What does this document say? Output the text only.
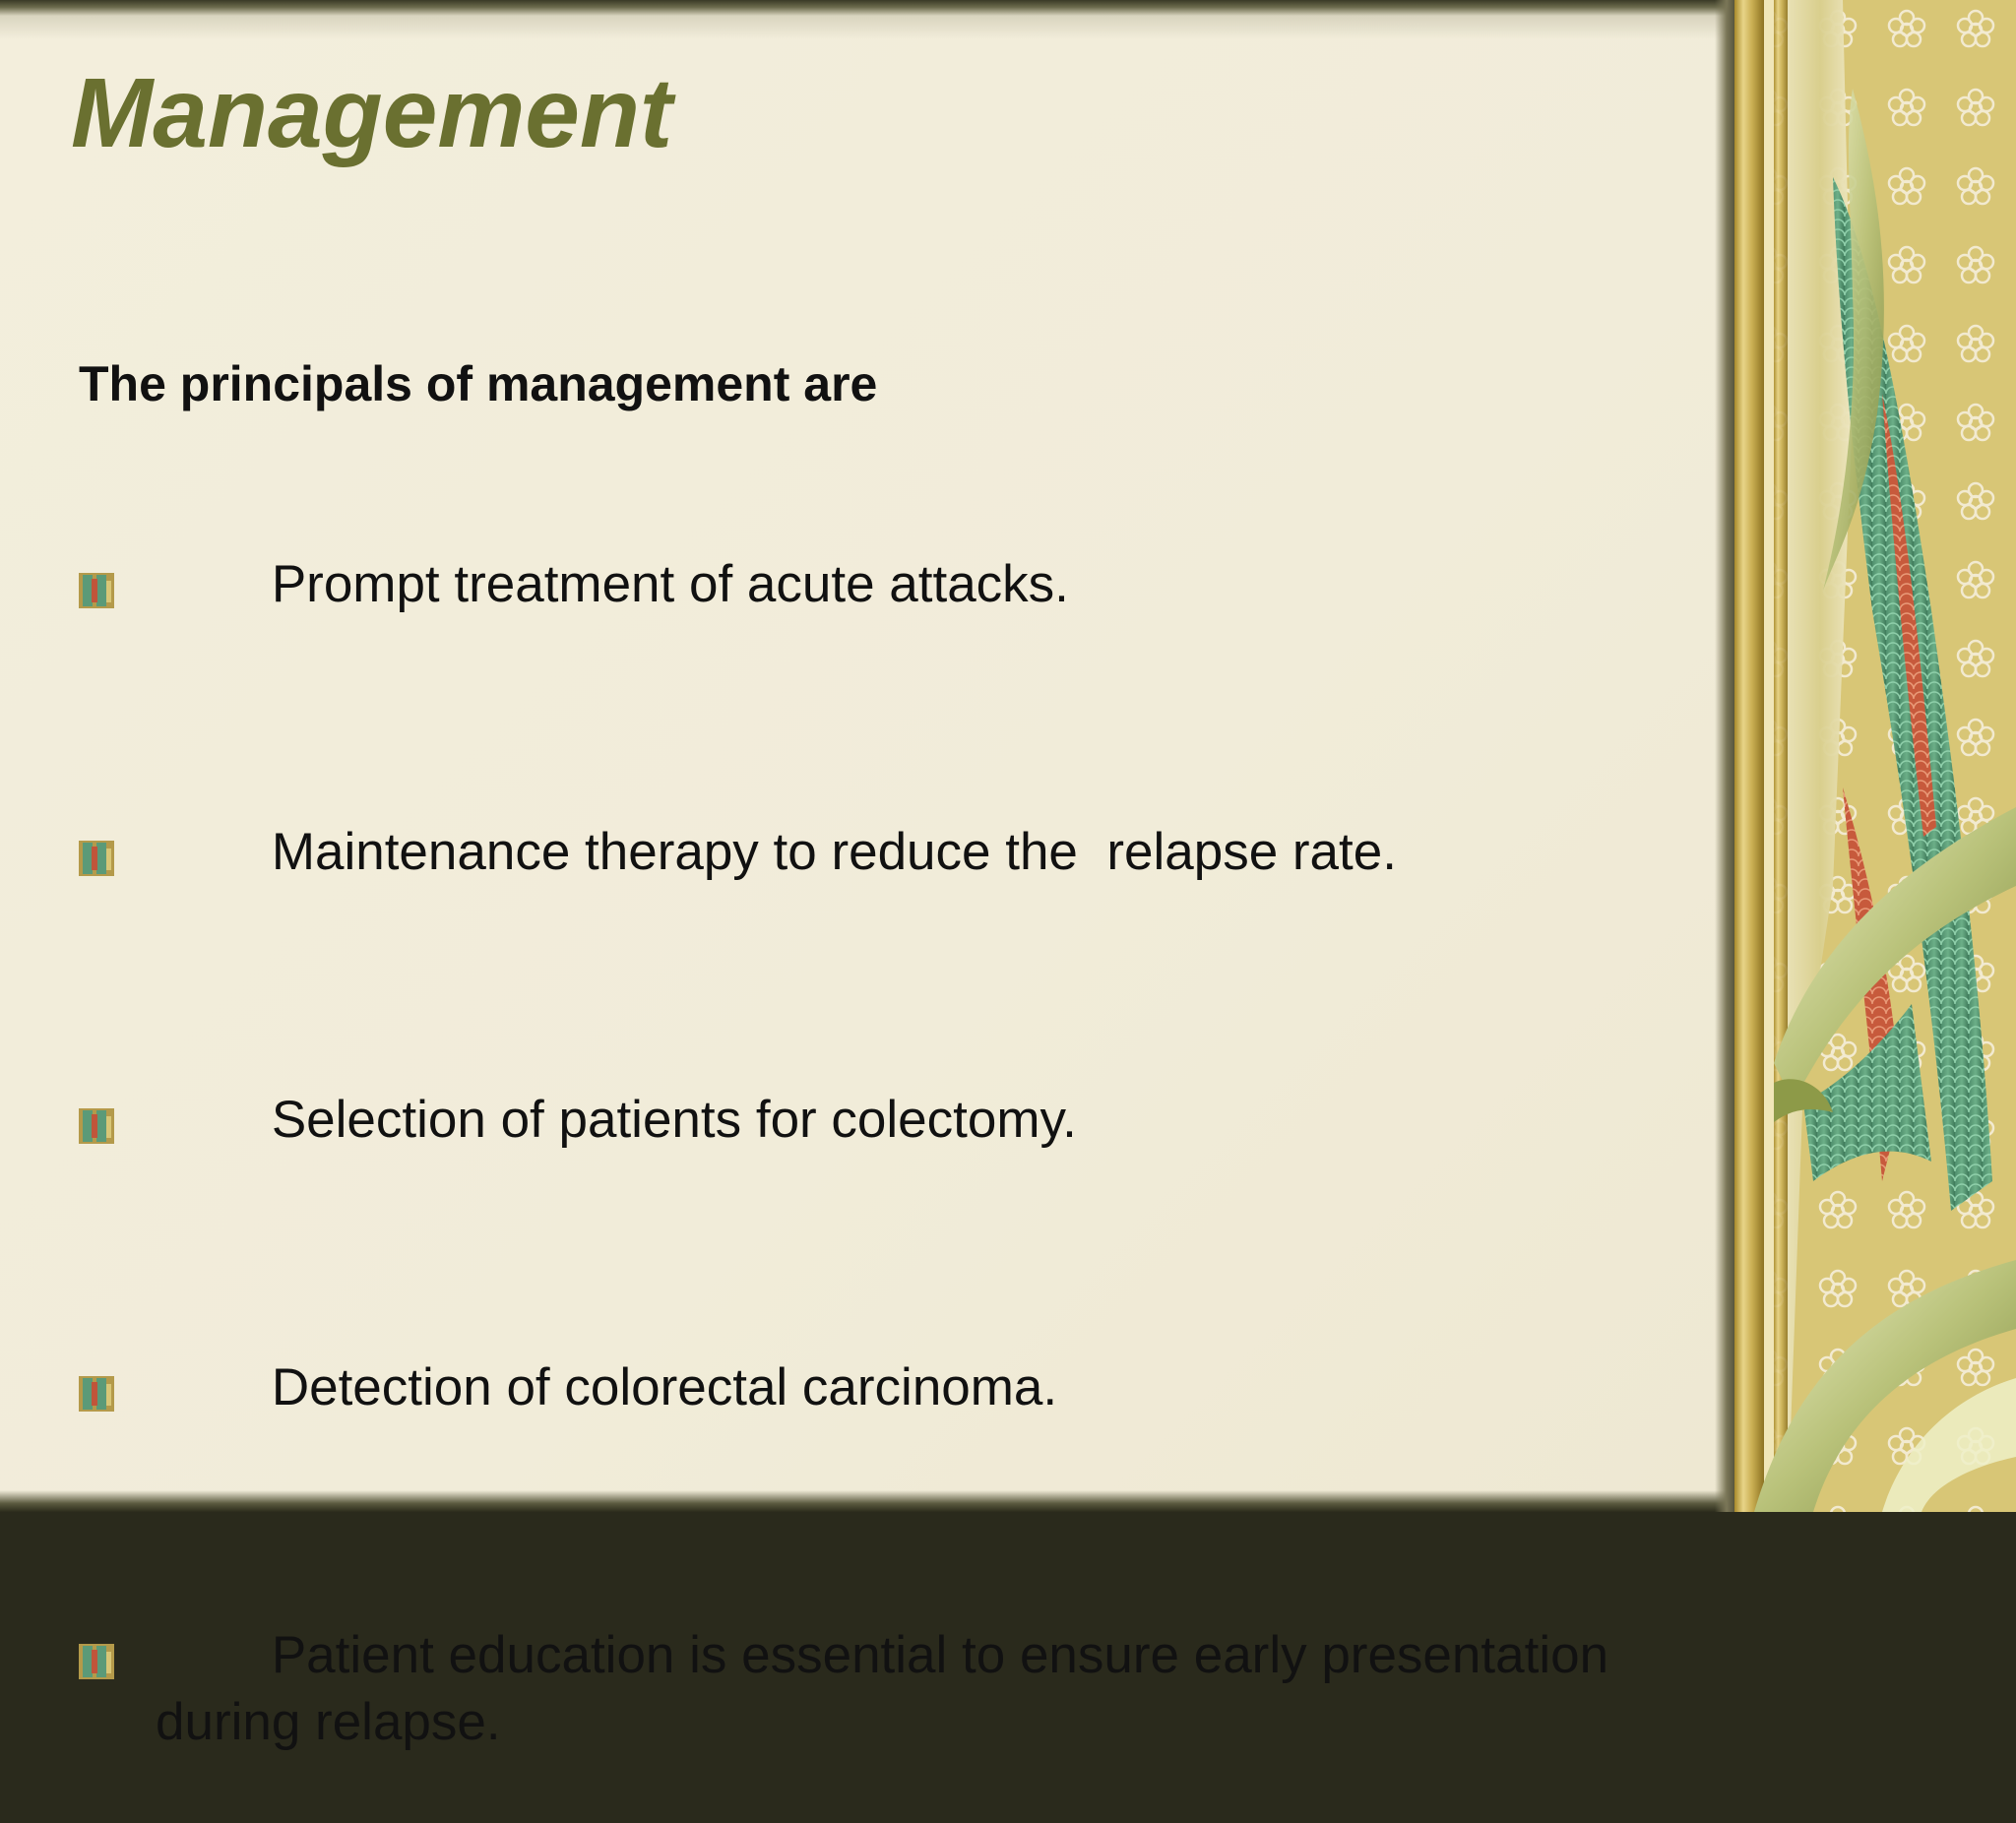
Management

The principals of management are

Prompt treatment of acute attacks.

Maintenance therapy to reduce the  relapse rate.

Selection of patients for colectomy.

Detection of colorectal carcinoma.

Patient education is essential to ensure early presentation during relapse.
